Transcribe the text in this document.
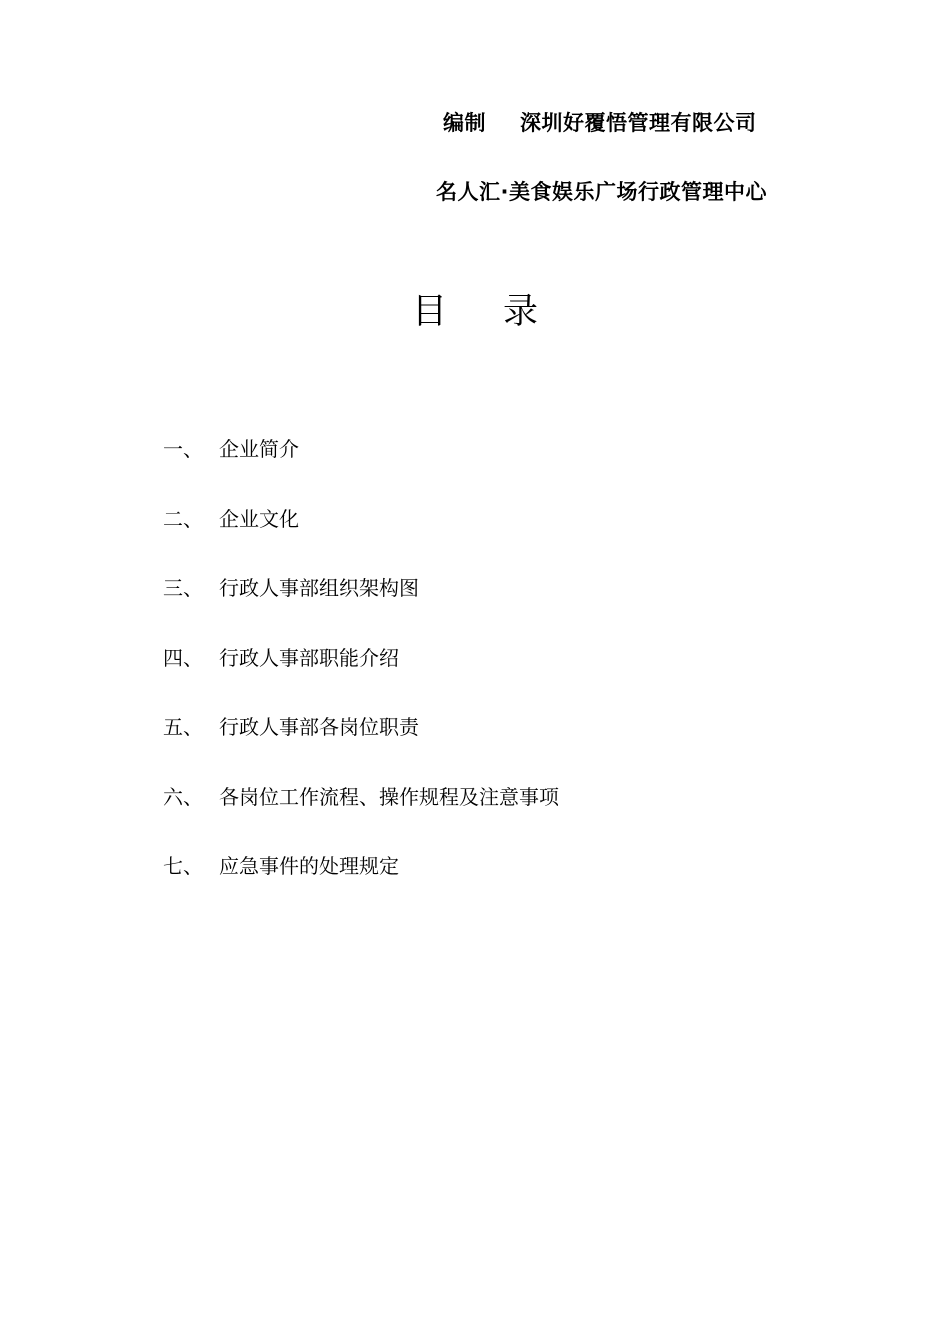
编制 深圳好覆悟管理有限公司
名人汇·美食娱乐广场行政管理中心
目 录
一、 企业简介
二、 企业文化
三、 行政人事部组织架构图
四、 行政人事部职能介绍
五、 行政人事部各岗位职责
六、 各岗位工作流程、操作规程及注意事项
七、 应急事件的处理规定
